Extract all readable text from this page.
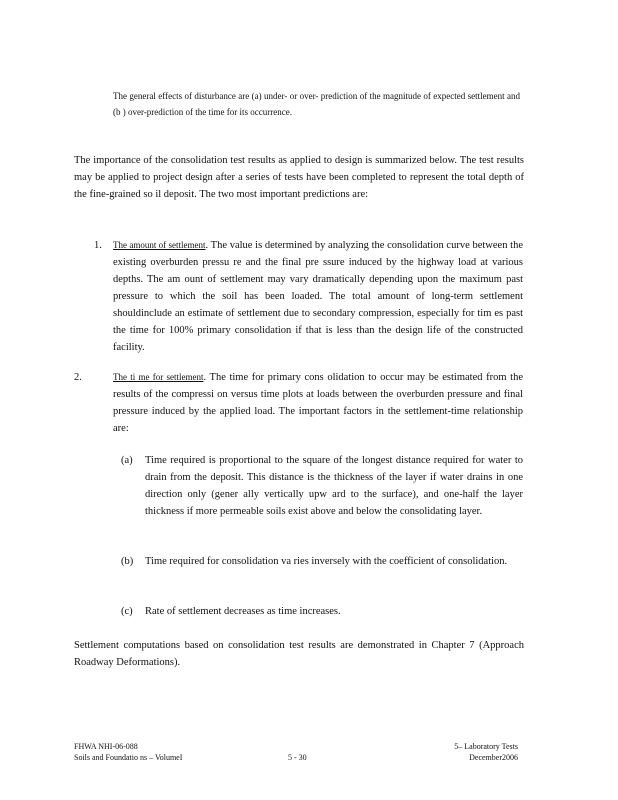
The general effects of disturbance are (a) under- or over- prediction of the magnitude of expected settlement and (b ) over-prediction of the time for its occurrence.
The importance of the consolidation test results as applied to design is summarized below. The test results may be applied to project design after a series of tests have been completed to represent the total depth of the fine-grained so il deposit. The two most important predictions are:
1. The amount of settlement. The value is determined by analyzing the consolidation curve between the existing overburden pressu re and the final pre ssure induced by the highway load at various depths. The am ount of settlement may vary dramatically depending upon the maximum past pressure to which the soil has been loaded. The total amount of long-term settlement shouldinclude an estimate of settlement due to secondary compression, especially for tim es past the time for 100% primary consolidation if that is less than the design life of the constructed facility.
2.	The ti me for settlement. The time for primary cons olidation to occur may be estimated from the results of the compressi on versus time plots at loads between the overburden pressure and final pressure induced by the applied load. The important factors in the settlement-time relationship are:
(a) Time required is proportional to the square of the longest distance required for water to drain from the deposit. This distance is the thickness of the layer if water drains in one direction only (gener ally vertically upw ard to the surface), and one-half the layer thickness if more permeable soils exist above and below the consolidating layer.
(b) Time required for consolidation va ries inversely with the coefficient of consolidation.
(c) Rate of settlement decreases as time increases.
Settlement computations based on consolidation test results are demonstrated in Chapter 7 (Approach Roadway Deformations).
FHWA NHI-06-088
Soils and Foundatio ns – VolumeI	5 - 30
5– Laboratory Tests
December2006
